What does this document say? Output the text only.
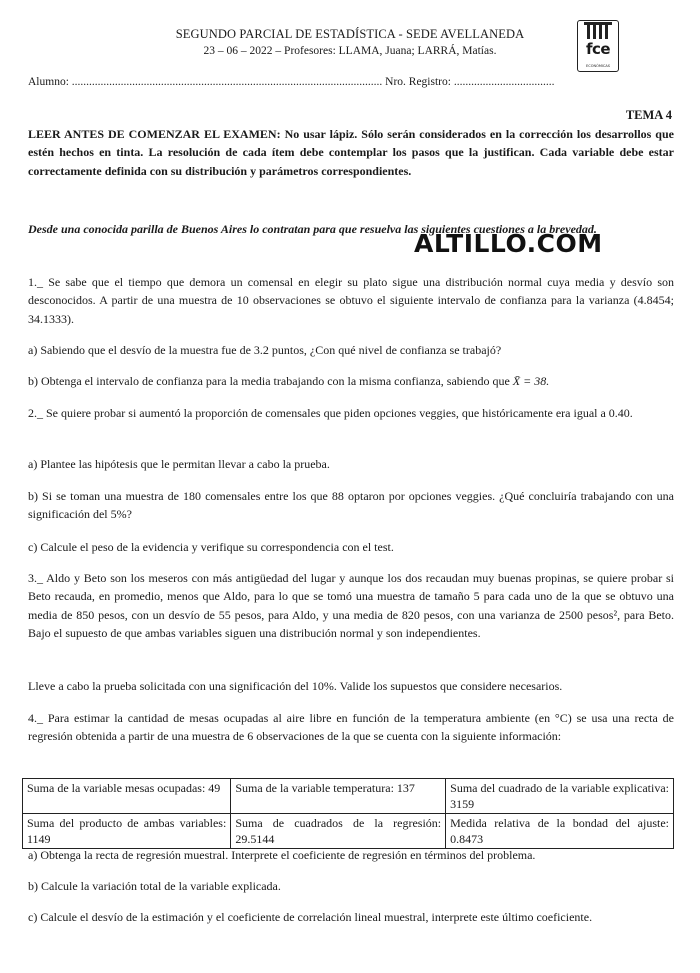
SEGUNDO PARCIAL DE ESTADÍSTICA - SEDE AVELLANEDA
23 – 06 – 2022 – Profesores: LLAMA, Juana; LARRÁ, Matías.	fce
ECONÓMICAS
Alumno: ............................................................................................................ Nro. Registro: ...................................
TEMA 4

LEER ANTES DE COMENZAR EL EXAMEN: No usar lápiz. Sólo serán considerados en la corrección los desarrollos que estén hechos en tinta. La resolución de cada ítem debe contemplar los pasos que la justifican. Cada variable debe estar correctamente definida con su distribución y parámetros correspondientes.

Desde una conocida parilla de Buenos Aires lo contratan para que resuelva las siguientes cuestiones a la brevedad.

ALTILLO.COM

1._ Se sabe que el tiempo que demora un comensal en elegir su plato sigue una distribución normal cuya media y desvío son desconocidos. A partir de una muestra de 10 observaciones se obtuvo el siguiente intervalo de confianza para la varianza (4.8454; 34.1333).

a) Sabiendo que el desvío de la muestra fue de 3.2 puntos, ¿Con qué nivel de confianza se trabajó?

b) Obtenga el intervalo de confianza para la media trabajando con la misma confianza, sabiendo que X̄ = 38.

2._ Se quiere probar si aumentó la proporción de comensales que piden opciones veggies, que históricamente era igual a 0.40.

a) Plantee las hipótesis que le permitan llevar a cabo la prueba.

b) Si se toman una muestra de 180 comensales entre los que 88 optaron por opciones veggies. ¿Qué concluiría trabajando con una significación del 5%?

c) Calcule el peso de la evidencia y verifique su correspondencia con el test.

3._ Aldo y Beto son los meseros con más antigüedad del lugar y aunque los dos recaudan muy buenas propinas, se quiere probar si Beto recauda, en promedio, menos que Aldo, para lo que se tomó una muestra de tamaño 5 para cada uno de la que se obtuvo una media de 850 pesos, con un desvío de 55 pesos, para Aldo, y una media de 820 pesos, con una varianza de 2500 pesos², para Beto. Bajo el supuesto de que ambas variables siguen una distribución normal y son independientes.

Lleve a cabo la prueba solicitada con una significación del 10%. Valide los supuestos que considere necesarios.

4._ Para estimar la cantidad de mesas ocupadas al aire libre en función de la temperatura ambiente (en °C) se usa una recta de regresión obtenida a partir de una muestra de 6 observaciones de la que se cuenta con la siguiente información:

Suma de la variable mesas ocupadas: 49	Suma de la variable temperatura: 137	Suma del cuadrado de la variable explicativa: 3159
Suma del producto de ambas variables: 1149	Suma de cuadrados de la regresión: 29.5144	Medida relativa de la bondad del ajuste: 0.8473

a) Obtenga la recta de regresión muestral. Interprete el coeficiente de regresión en términos del problema.

b) Calcule la variación total de la variable explicada.

c) Calcule el desvío de la estimación y el coeficiente de correlación lineal muestral, interprete este último coeficiente.
